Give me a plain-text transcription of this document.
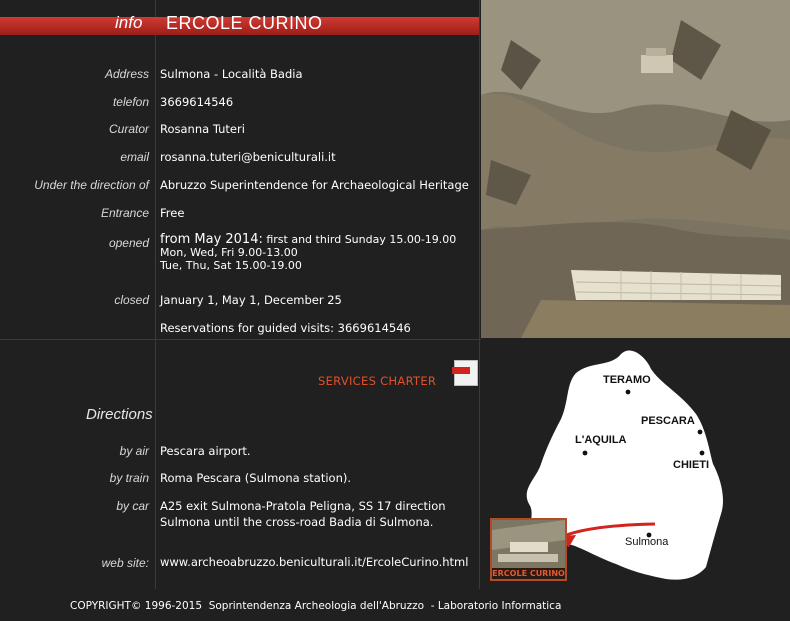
info ERCOLE CURINO
Address Sulmona - Località Badia
telefon 3669614546
Curator Rosanna Tuteri
email rosanna.tuteri@beniculturali.it
Under the direction of Abruzzo Superintendence for Archaeological Heritage
Entrance Free
opened from May 2014: first and third Sunday 15.00-19.00
Mon, Wed, Fri 9.00-13.00
Tue, Thu, Sat 15.00-19.00
closed January 1, May 1, December 25
Reservations for guided visits: 3669614546
SERVICES CHARTER
Directions
by air Pescara airport.
by train Roma Pescara (Sulmona station).
by car A25 exit Sulmona-Pratola Peligna, SS 17 direction
Sulmona until the cross-road Badia di Sulmona.
web site: www.archeoabruzzo.beniculturali.it/ErcoleCurino.html
TERAMO
PESCARA
L'AQUILA
CHIETI
Sulmona
ERCOLE CURINO
COPYRIGHT© 1996-2015  Soprintendenza Archeologia dell'Abruzzo  - Laboratorio Informatica
